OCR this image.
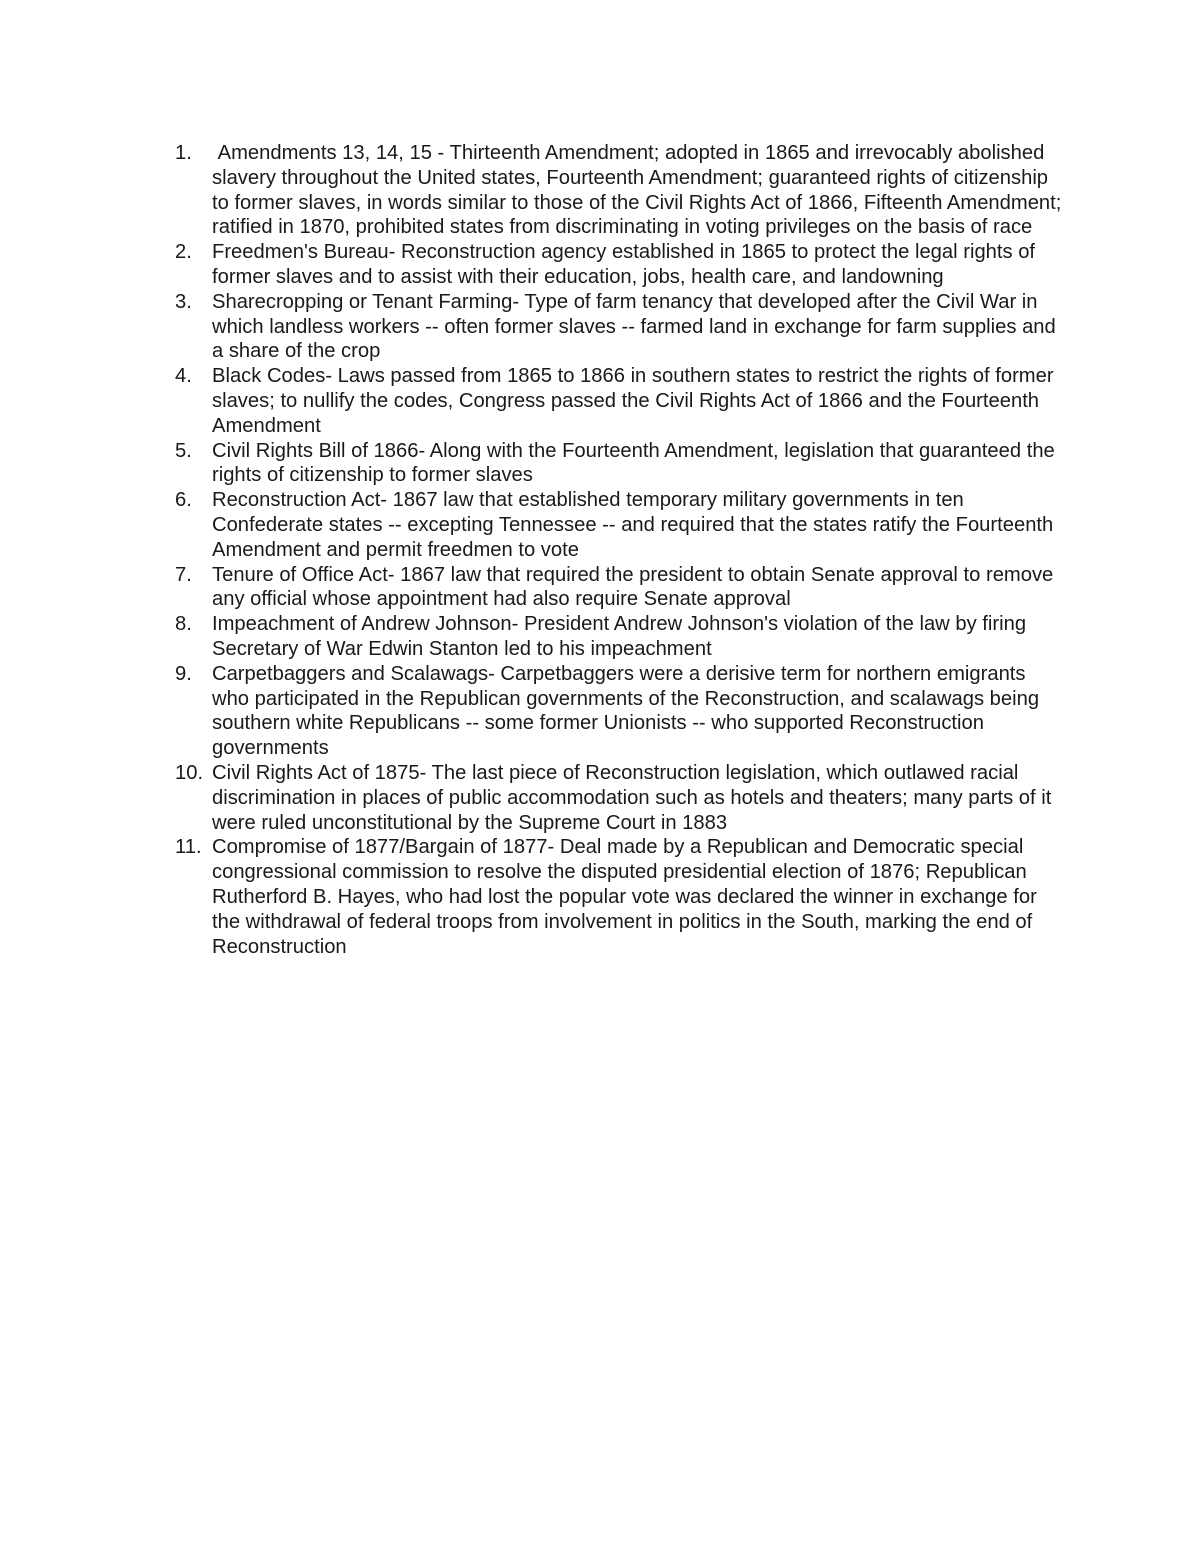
1. Amendments 13, 14, 15 - Thirteenth Amendment; adopted in 1865 and irrevocably abolished slavery throughout the United states, Fourteenth Amendment; guaranteed rights of citizenship to former slaves, in words similar to those of the Civil Rights Act of 1866, Fifteenth Amendment; ratified in 1870, prohibited states from discriminating in voting privileges on the basis of race
2. Freedmen's Bureau- Reconstruction agency established in 1865 to protect the legal rights of former slaves and to assist with their education, jobs, health care, and landowning
3. Sharecropping or Tenant Farming- Type of farm tenancy that developed after the Civil War in which landless workers -- often former slaves -- farmed land in exchange for farm supplies and a share of the crop
4. Black Codes- Laws passed from 1865 to 1866 in southern states to restrict the rights of former slaves; to nullify the codes, Congress passed the Civil Rights Act of 1866 and the Fourteenth Amendment
5. Civil Rights Bill of 1866- Along with the Fourteenth Amendment, legislation that guaranteed the rights of citizenship to former slaves
6. Reconstruction Act- 1867 law that established temporary military governments in ten Confederate states -- excepting Tennessee -- and required that the states ratify the Fourteenth Amendment and permit freedmen to vote
7. Tenure of Office Act- 1867 law that required the president to obtain Senate approval to remove any official whose appointment had also require Senate approval
8. Impeachment of Andrew Johnson- President Andrew Johnson's violation of the law by firing Secretary of War Edwin Stanton led to his impeachment
9. Carpetbaggers and Scalawags- Carpetbaggers were a derisive term for northern emigrants who participated in the Republican governments of the Reconstruction, and scalawags being southern white Republicans -- some former Unionists -- who supported Reconstruction governments
10. Civil Rights Act of 1875- The last piece of Reconstruction legislation, which outlawed racial discrimination in places of public accommodation such as hotels and theaters; many parts of it were ruled unconstitutional by the Supreme Court in 1883
11. Compromise of 1877/Bargain of 1877- Deal made by a Republican and Democratic special congressional commission to resolve the disputed presidential election of 1876; Republican Rutherford B. Hayes, who had lost the popular vote was declared the winner in exchange for the withdrawal of federal troops from involvement in politics in the South, marking the end of Reconstruction
